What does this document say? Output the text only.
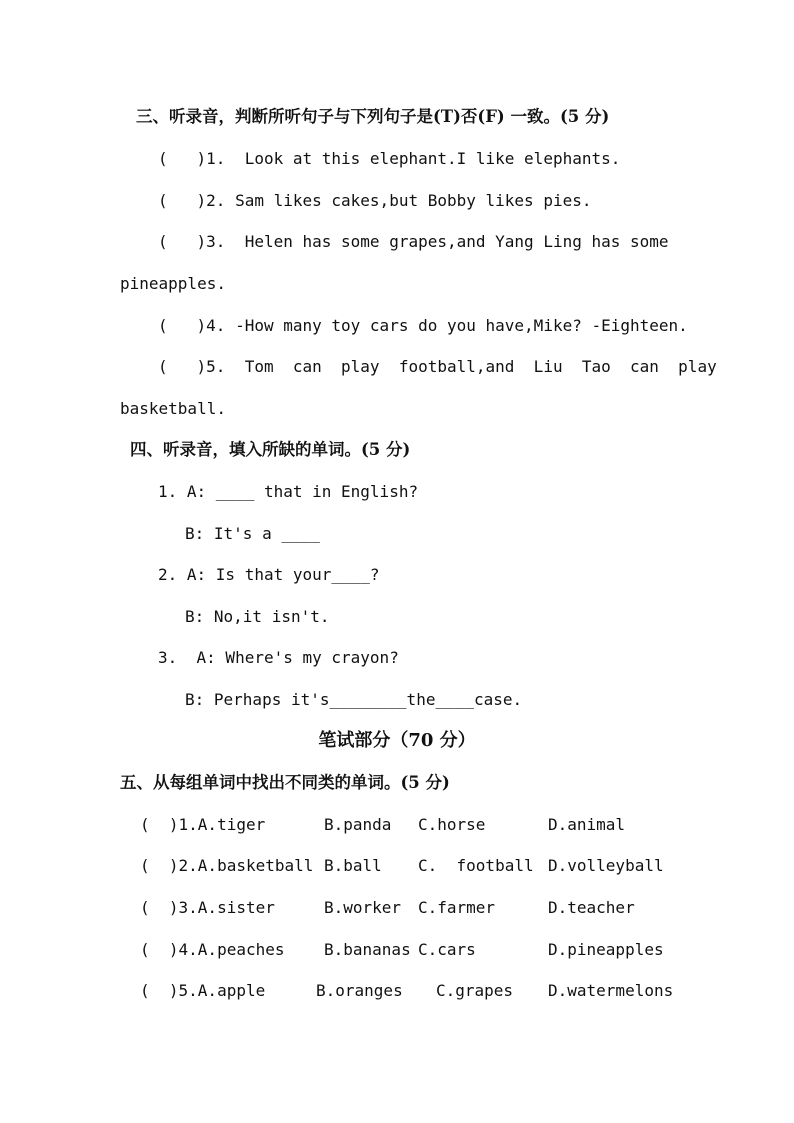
三、听录音，判断所听句子与下列句子是(T)否(F) 一致。(5 分)
(   )1.  Look at this elephant.I like elephants.
(   )2. Sam likes cakes,but Bobby likes pies.
(   )3.  Helen has some grapes,and Yang Ling has some
pineapples.
(   )4. -How many toy cars do you have,Mike? -Eighteen.
(   )5.  Tom  can  play  football,and  Liu  Tao  can  play
basketball.
四、听录音，填入所缺的单词。(5 分)
1. A: ____ that in English?
B: It's a ____
2. A: Is that your____?
B: No,it isn't.
3.  A: Where's my crayon?
B: Perhaps it's________the____case.
笔试部分（70 分）
五、从每组单词中找出不同类的单词。(5 分)
(  )1.A.tiger	B.panda C.horse	D.animal
(  )2.A.basketball B.ball C.  football D.volleyball
(  )3.A.sister	B.worker C.farmer	D.teacher
(  )4.A.peaches B.bananas C.cars	D.pineapples
(  )5.A.apple	B.oranges C.grapes D.watermelons
